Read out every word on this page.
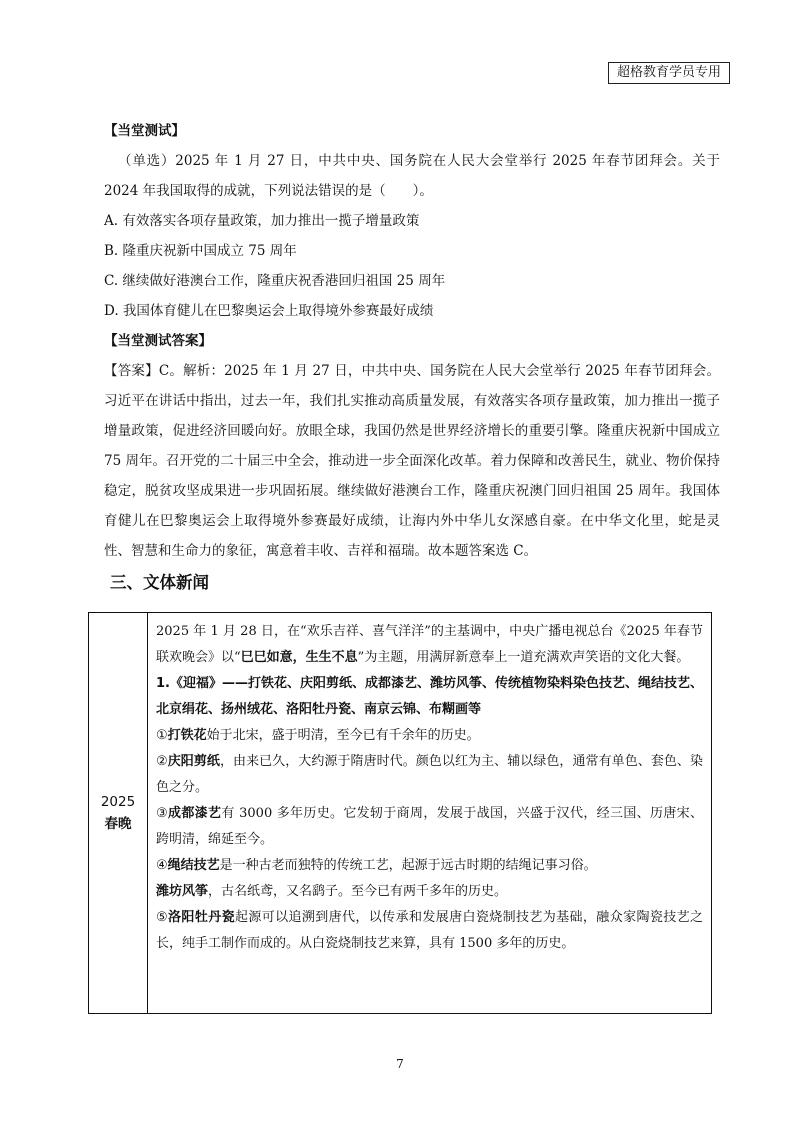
超格教育学员专用
【当堂测试】

（单选）2025 年 1 月 27 日，中共中央、国务院在人民大会堂举行 2025 年春节团拜会。关于 2024 年我国取得的成就，下列说法错误的是（　　）。

A. 有效落实各项存量政策，加力推出一揽子增量政策

B. 隆重庆祝新中国成立 75 周年

C. 继续做好港澳台工作，隆重庆祝香港回归祖国 25 周年

D. 我国体育健儿在巴黎奥运会上取得境外参赛最好成绩

【当堂测试答案】

【答案】C。解析：2025 年 1 月 27 日，中共中央、国务院在人民大会堂举行 2025 年春节团拜会。习近平在讲话中指出，过去一年，我们扎实推动高质量发展，有效落实各项存量政策，加力推出一揽子增量政策，促进经济回暖向好。放眼全球，我国仍然是世界经济增长的重要引擎。隆重庆祝新中国成立 75 周年。召开党的二十届三中全会，推动进一步全面深化改革。着力保障和改善民生，就业、物价保持稳定，脱贫攻坚成果进一步巩固拓展。继续做好港澳台工作，隆重庆祝澳门回归祖国 25 周年。我国体育健儿在巴黎奥运会上取得境外参赛最好成绩，让海内外中华儿女深感自豪。在中华文化里，蛇是灵性、智慧和生命力的象征，寓意着丰收、吉祥和福瑞。故本题答案选 C。

三、文体新闻
2025
春晚

2025 年 1 月 28 日，在“欢乐吉祥、喜气洋洋”的主基调中，中央广播电视总台《2025 年春节联欢晚会》以“巳巳如意，生生不息”为主题，用满屏新意奉上一道充满欢声笑语的文化大餐。

1.《迎福》——打铁花、庆阳剪纸、成都漆艺、潍坊风筝、传统植物染料染色技艺、绳结技艺、北京绢花、扬州绒花、洛阳牡丹瓷、南京云锦、布糊画等

①打铁花始于北宋，盛于明清，至今已有千余年的历史。

②庆阳剪纸，由来已久，大约源于隋唐时代。颜色以红为主、辅以绿色，通常有单色、套色、染色之分。

③成都漆艺有 3000 多年历史。它发轫于商周，发展于战国，兴盛于汉代，经三国、历唐宋、跨明清，绵延至今。

④绳结技艺是一种古老而独特的传统工艺，起源于远古时期的结绳记事习俗。

潍坊风筝，古名纸鸢，又名鹞子。至今已有两千多年的历史。

⑤洛阳牡丹瓷起源可以追溯到唐代，以传承和发展唐白瓷烧制技艺为基础，融众家陶瓷技艺之长，纯手工制作而成的。从白瓷烧制技艺来算，具有 1500 多年的历史。

7
